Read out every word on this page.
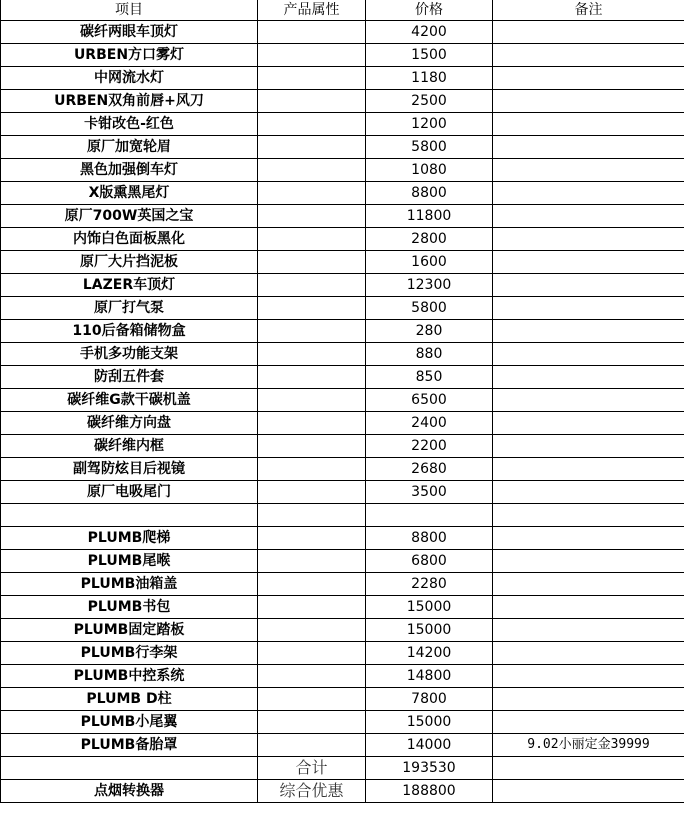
项目	产品属性	价格	备注
碳纤两眼车顶灯		4200	
URBEN方口雾灯		1500	
中网流水灯		1180	
URBEN双角前唇+风刀		2500	
卡钳改色-红色		1200	
原厂加宽轮眉		5800	
黑色加强倒车灯		1080	
X版熏黑尾灯		8800	
原厂700W英国之宝		11800	
内饰白色面板黑化		2800	
原厂大片挡泥板		1600	
LAZER车顶灯		12300	
原厂打气泵		5800	
110后备箱储物盒		280	
手机多功能支架		880	
防刮五件套		850	
碳纤维G款干碳机盖		6500	
碳纤维方向盘		2400	
碳纤维内框		2200	
副驾防炫目后视镜		2680	
原厂电吸尾门		3500	

PLUMB爬梯		8800	
PLUMB尾喉		6800	
PLUMB油箱盖		2280	
PLUMB书包		15000	
PLUMB固定踏板		15000	
PLUMB行李架		14200	
PLUMB中控系统		14800	
PLUMB D柱		7800	
PLUMB小尾翼		15000	
PLUMB备胎罩		14000	9.02小丽定金39999
	合计	193530	
点烟转换器	综合优惠	188800	
